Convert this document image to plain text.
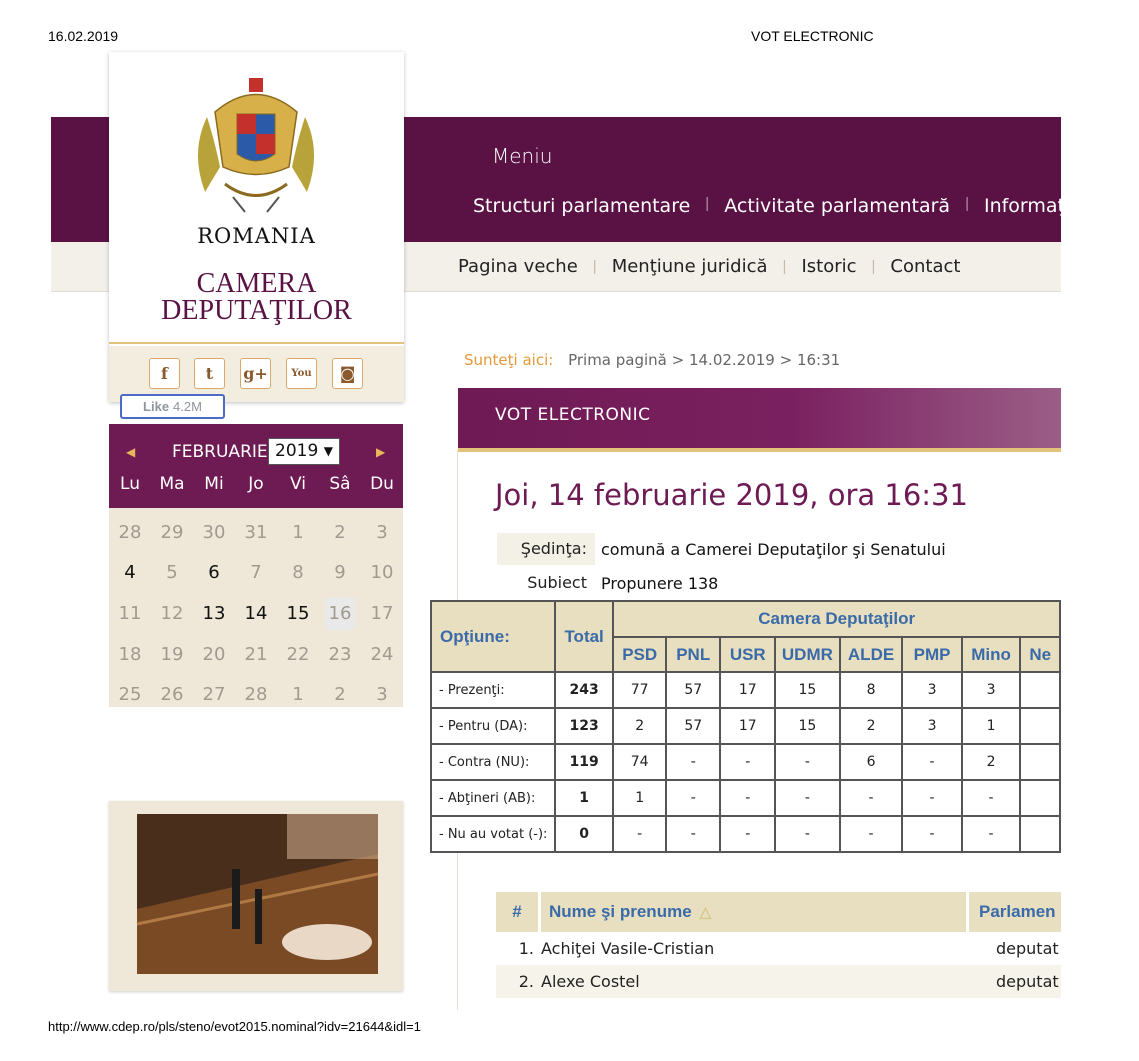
16.02.2019	VOT ELECTRONIC
Meniu
Structuri parlamentare | Activitate parlamentară | Informaţii public
Pagina veche | Menţiune juridică | Istoric | Contact
ROMANIA
CAMERA
DEPUTAŢILOR
f	t	g+	You	◙
Like 4.2M
◀ FEBRUARIE 2019 ▼	▶
Lu	Ma	Mi	Jo	Vi	Sâ	Du
28	29	30	31	1	2	3
4	5	6	7	8	9	10
11	12	13	14	15	16	17
18	19	20	21	22	23	24
25	26	27	28	1	2	3
Sunteţi aici: Prima pagină > 14.02.2019 > 16:31
VOT ELECTRONIC
Joi, 14 februarie 2019, ora 16:31
Şedinţa: comună a Camerei Deputaţilor şi Senatului
Subiect Propunere 138
Opţiune:	Total	Camera Deputaţilor							
		PSD	PNL	USR	UDMR	ALDE	PMP	Mino	Ne
- Prezenţi:	243	77	57	17	15	8	3	3	
- Pentru (DA):	123	2	57	17	15	2	3	1	
- Contra (NU):	119	74	-	-	-	6	-	2	
- Abţineri (AB):	1	1	-	-	-	-	-	-	
- Nu au votat (-):	0	-	-	-	-	-	-	-	
#	Nume şi prenume △	Parlamen
1. Achiţei Vasile-Cristian	deputat
2. Alexe Costel	deputat
http://www.cdep.ro/pls/steno/evot2015.nominal?idv=21644&idl=1
